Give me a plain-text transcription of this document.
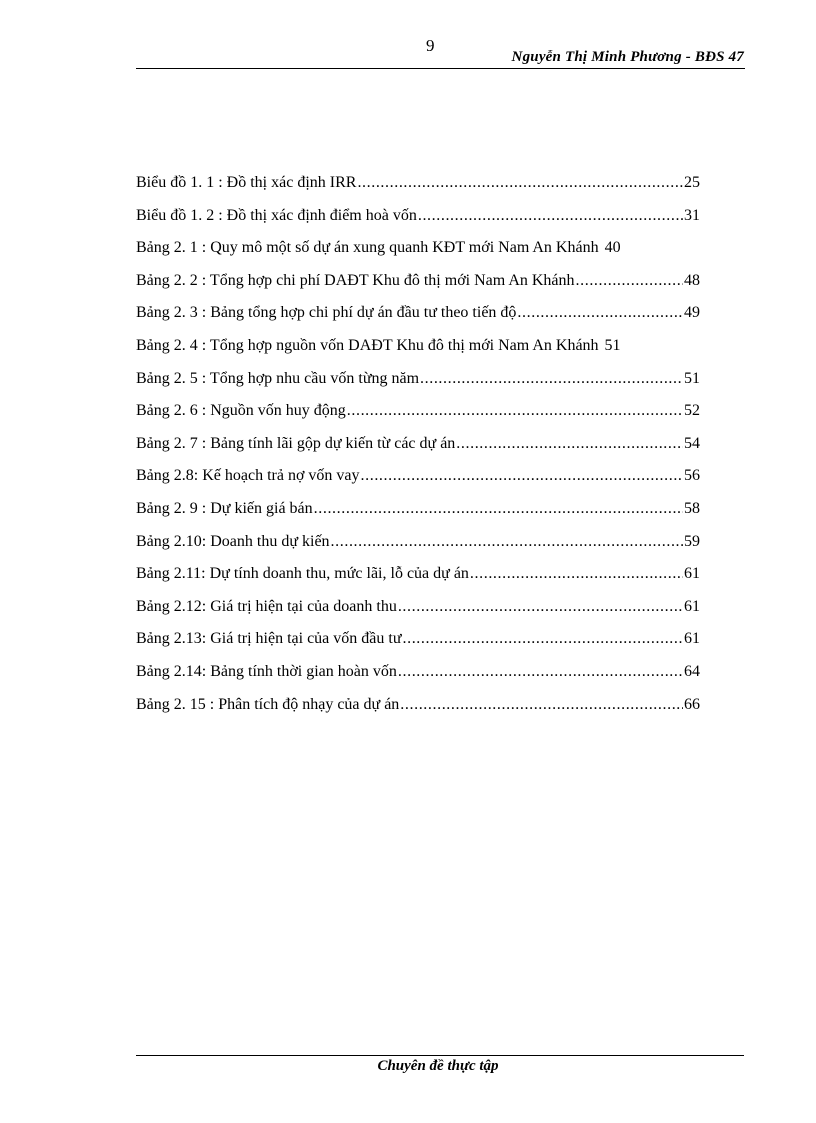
9
Nguyễn Thị Minh Phương - BĐS 47
Biểu đồ 1. 1 : Đồ thị xác định IRR .....	25
Biểu đồ 1. 2 : Đồ thị xác định điểm hoà vốn .....	31
Bảng 2. 1 : Quy mô một số dự án xung quanh KĐT mới Nam An Khánh 40
Bảng 2. 2 : Tổng hợp chi phí DAĐT Khu đô thị mới Nam An Khánh .....	48
Bảng 2. 3 : Bảng tổng hợp chi phí dự án đầu tư theo tiến độ .....	49
Bảng 2. 4 : Tổng hợp nguồn vốn DAĐT Khu đô thị mới Nam An Khánh 51
Bảng 2. 5 : Tổng hợp nhu cầu vốn từng năm .....	51
Bảng 2. 6 : Nguồn vốn huy động .....	52
Bảng 2. 7 : Bảng tính lãi gộp dự kiến từ các dự án .....	54
Bảng 2.8: Kế hoạch trả nợ vốn vay .....	56
Bảng 2. 9 : Dự kiến giá bán .....	58
Bảng 2.10: Doanh thu dự kiến .....	59
Bảng 2.11: Dự tính doanh thu, mức lãi, lỗ của dự án .....	61
Bảng 2.12: Giá trị hiện tại của doanh thu .....	61
Bảng 2.13: Giá trị hiện tại của vốn đầu tư .....	61
Bảng 2.14: Bảng tính thời gian hoàn vốn .....	64
Bảng 2. 15 : Phân tích độ nhạy của dự án .....	66
Chuyên đề thực tập
